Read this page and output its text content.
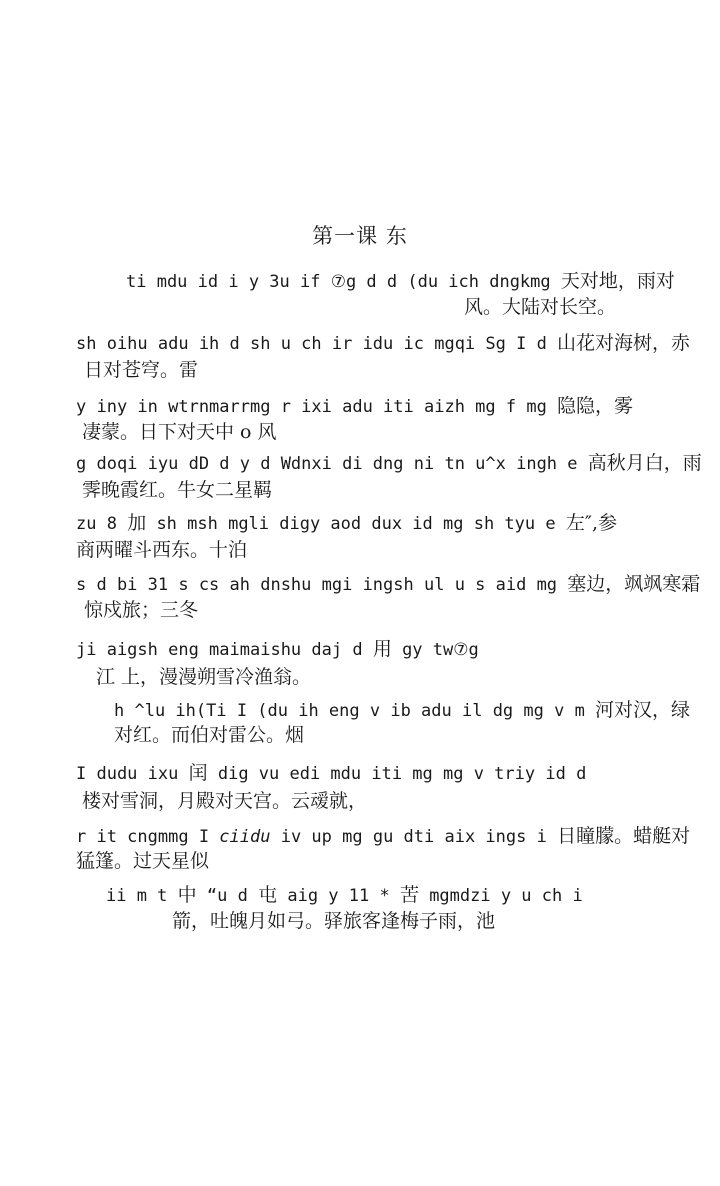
第一课 东
ti mdu id i y 3u if ⑦g d d (du ich dngkmg 天对地，雨对
风。大陆对长空。
sh oihu adu ih d sh u ch ir idu ic mgqi Sg I d 山花对海树，赤
日对苍穹。雷
y iny in wtrnmarrmg r ixi adu iti aizh mg f mg 隐隐，雾
凄蒙。日下对天中 o 风
g doqi iyu dD d y d Wdnxi di dng ni tn u^x ingh e 高秋月白，雨
霁晚霞红。牛女二星羁
zu 8 加 sh msh mgli digy aod dux id mg sh tyu e 左″,参
商两曜斗西东。十泊
s d bi 31 s cs ah dnshu mgi ingsh ul u s aid mg 塞边，飒飒寒霜
惊戍旅；三冬
ji aigsh eng maimaishu daj d 用 gy tw⑦g
江 上，漫漫朔雪冷渔翁。
h ^lu ih(Ti I (du ih eng v ib adu il dg mg v m 河对汉，绿
对红。而伯对雷公。烟
I dudu ixu 闰 dig vu edi mdu iti mg mg v triy id d
楼对雪洞，月殿对天宫。云叆就，
r it cngmmg I ciidu iv up mg gu dti aix ings i 日瞳朦。蜡艇对
猛篷。过天星似
ii m t 中 “u d 屯 aig y 11 * 苦 mgmdzi y u ch i
箭，吐魄月如弓。驿旅客逢梅子雨，池
